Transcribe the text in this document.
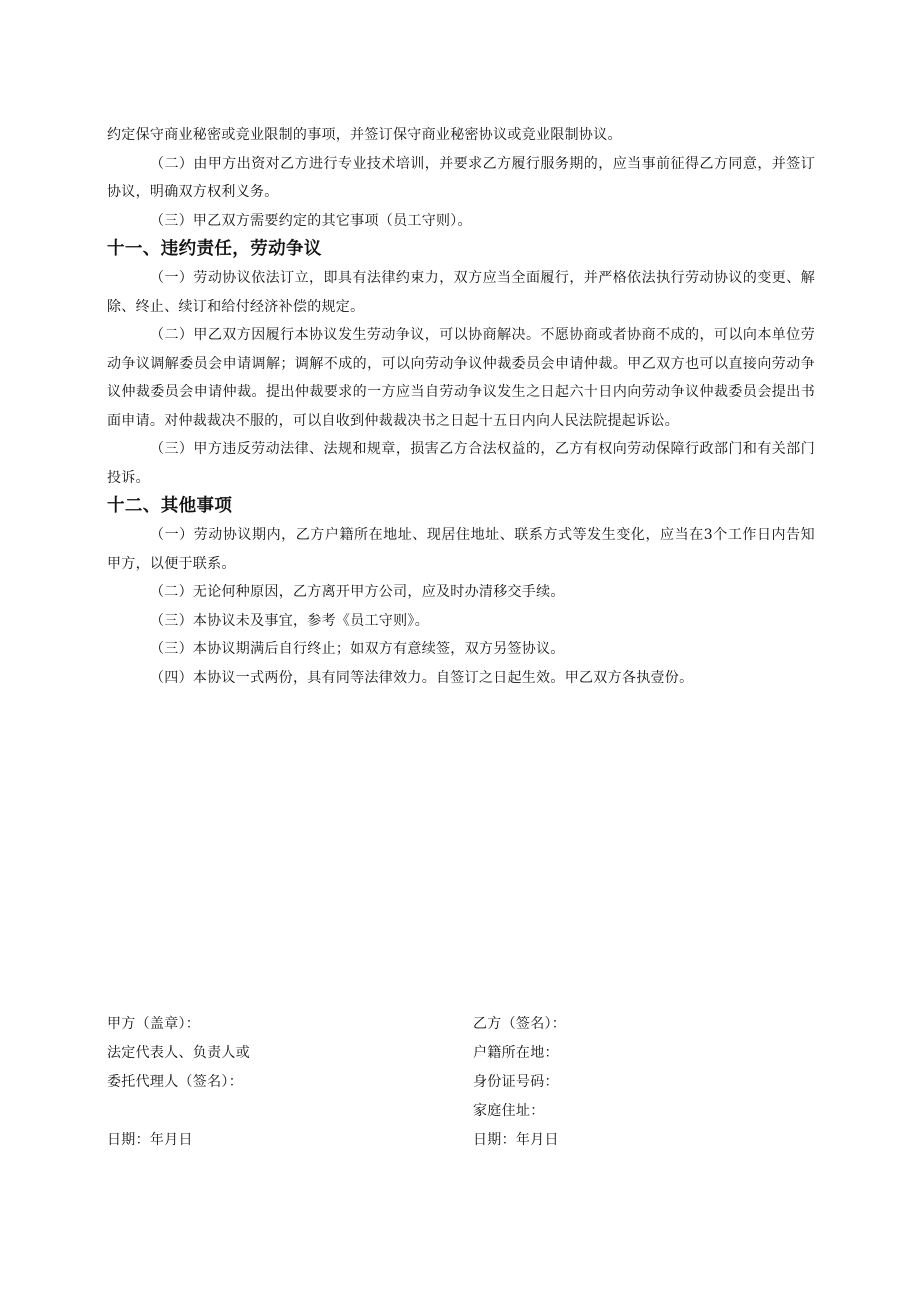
约定保守商业秘密或竞业限制的事项，并签订保守商业秘密协议或竞业限制协议。

（二）由甲方出资对乙方进行专业技术培训，并要求乙方履行服务期的，应当事前征得乙方同意，并签订协议，明确双方权利义务。

（三）甲乙双方需要约定的其它事项（员工守则）。

十一、违约责任，劳动争议

（一）劳动协议依法订立，即具有法律约束力，双方应当全面履行，并严格依法执行劳动协议的变更、解除、终止、续订和给付经济补偿的规定。

（二）甲乙双方因履行本协议发生劳动争议，可以协商解决。不愿协商或者协商不成的，可以向本单位劳动争议调解委员会申请调解；调解不成的，可以向劳动争议仲裁委员会申请仲裁。甲乙双方也可以直接向劳动争议仲裁委员会申请仲裁。提出仲裁要求的一方应当自劳动争议发生之日起六十日内向劳动争议仲裁委员会提出书面申请。对仲裁裁决不服的，可以自收到仲裁裁决书之日起十五日内向人民法院提起诉讼。

（三）甲方违反劳动法律、法规和规章，损害乙方合法权益的，乙方有权向劳动保障行政部门和有关部门投诉。

十二、其他事项

（一）劳动协议期内，乙方户籍所在地址、现居住地址、联系方式等发生变化，应当在3个工作日内告知甲方，以便于联系。

（二）无论何种原因，乙方离开甲方公司，应及时办清移交手续。

（三）本协议未及事宜，参考《员工守则》。

（三）本协议期满后自行终止；如双方有意续签，双方另签协议。

（四）本协议一式两份，具有同等法律效力。自签订之日起生效。甲乙双方各执壹份。

甲方（盖章）：
法定代表人、负责人或
委托代理人（签名）：
日期：年月日
乙方（签名）：
户籍所在地：
身份证号码：
家庭住址：
日期：年月日
